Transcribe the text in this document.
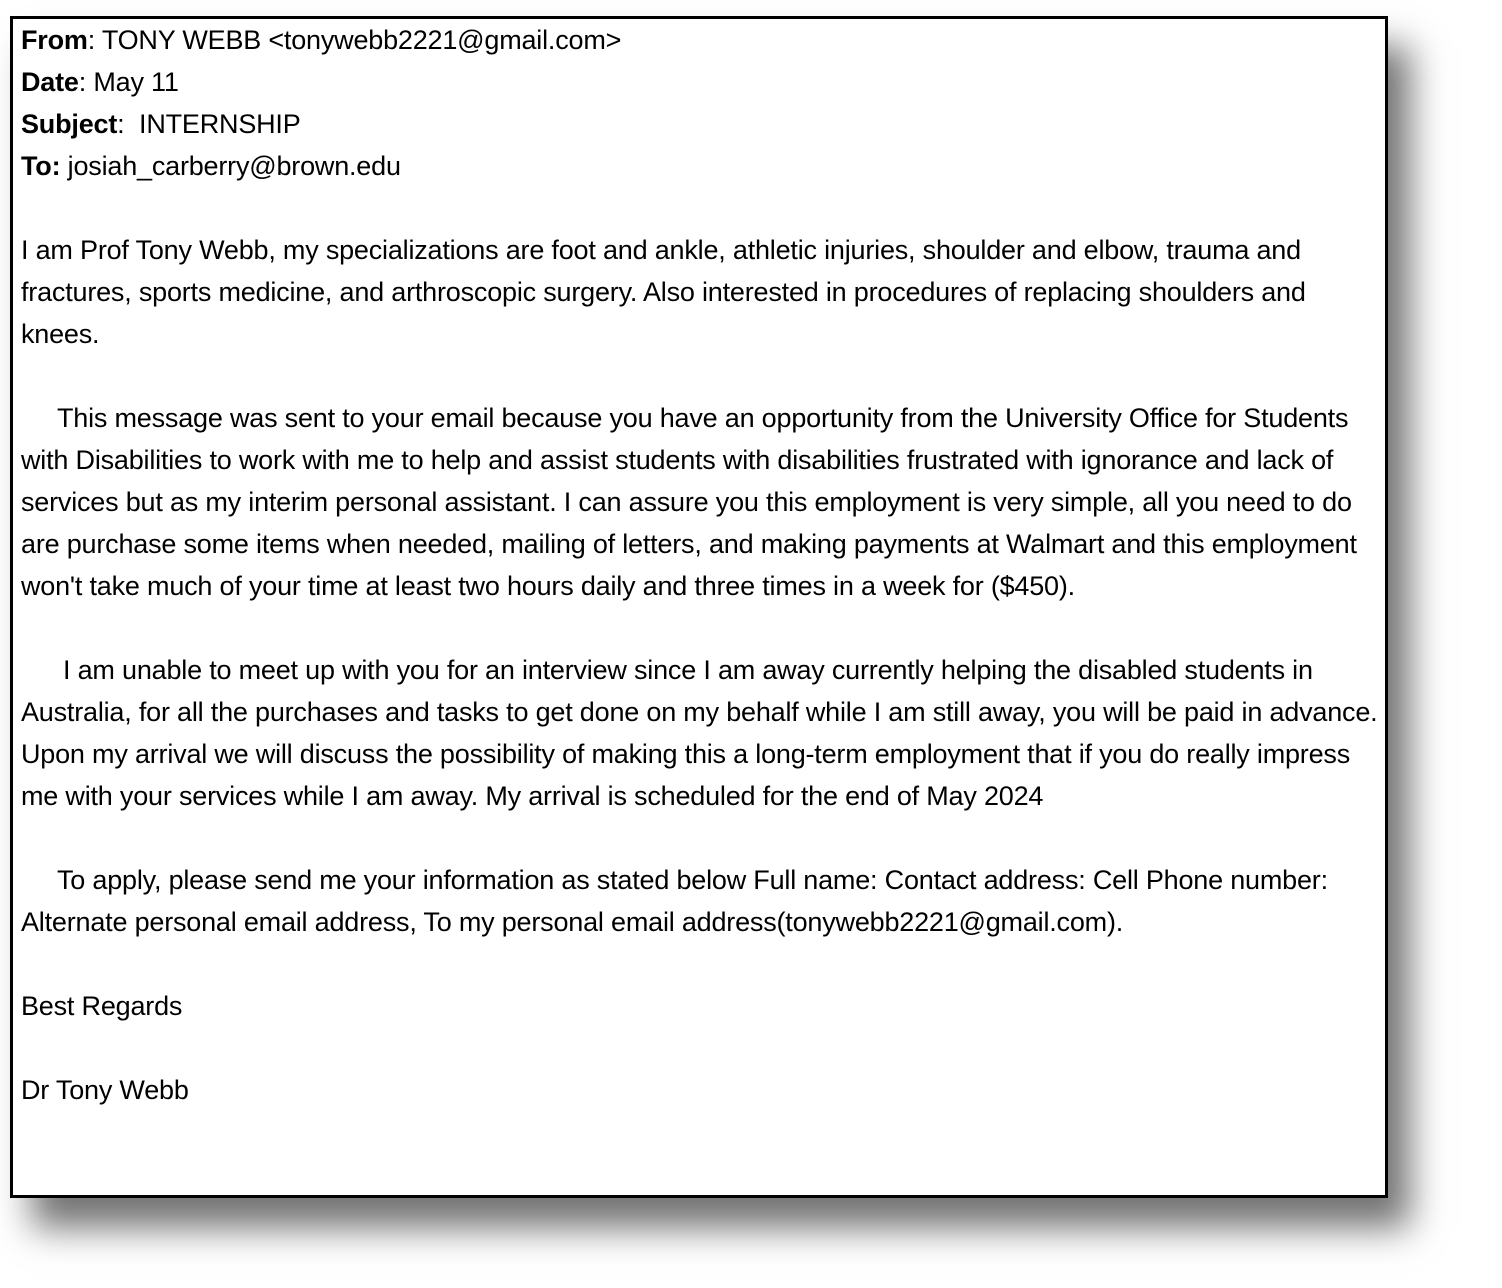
From: TONY WEBB <tonywebb2221@gmail.com>
Date: May 11
Subject:  INTERNSHIP
To: josiah_carberry@brown.edu

I am Prof Tony Webb, my specializations are foot and ankle, athletic injuries, shoulder and elbow, trauma and fractures, sports medicine, and arthroscopic surgery. Also interested in procedures of replacing shoulders and knees.

This message was sent to your email because you have an opportunity from the University Office for Students with Disabilities to work with me to help and assist students with disabilities frustrated with ignorance and lack of services but as my interim personal assistant. I can assure you this employment is very simple, all you need to do are purchase some items when needed, mailing of letters, and making payments at Walmart and this employment won't take much of your time at least two hours daily and three times in a week for ($450).

I am unable to meet up with you for an interview since I am away currently helping the disabled students in Australia, for all the purchases and tasks to get done on my behalf while I am still away, you will be paid in advance. Upon my arrival we will discuss the possibility of making this a long-term employment that if you do really impress me with your services while I am away. My arrival is scheduled for the end of May 2024

To apply, please send me your information as stated below Full name: Contact address: Cell Phone number: Alternate personal email address, To my personal email address(tonywebb2221@gmail.com).

Best Regards

Dr Tony Webb
